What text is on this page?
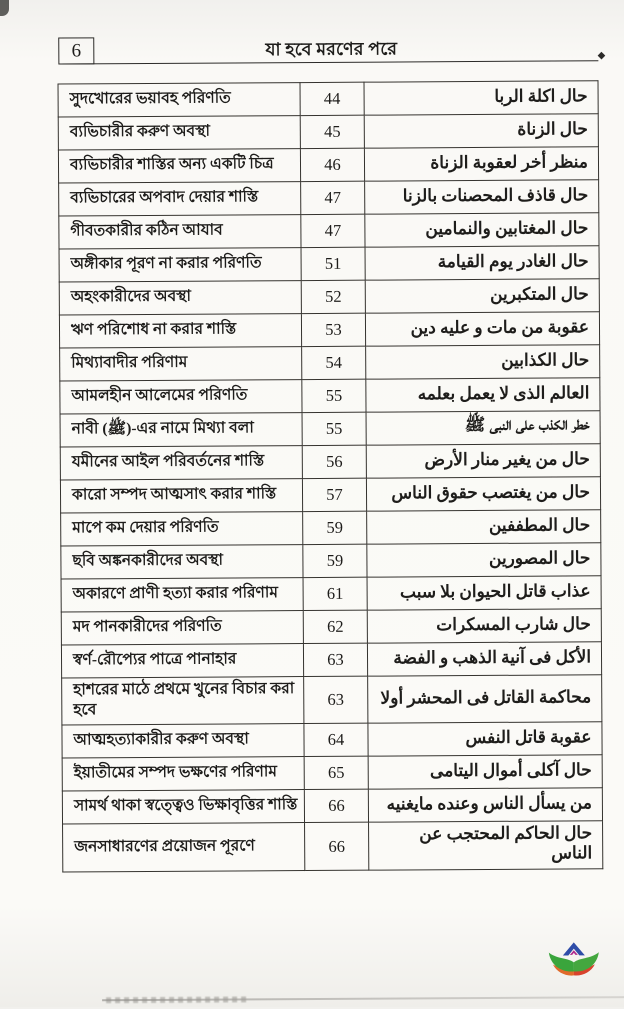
6	যা হবে মরণের পরে	◆
সুদখোরের ভয়াবহ পরিণতি	44	حال اكلة الربا
ব্যভিচারীর করুণ অবস্থা	45	حال الزناة
ব্যভিচারীর শাস্তির অন্য একটি চিত্র	46	منظر أخر لعقوبة الزناة
ব্যভিচারের অপবাদ দেয়ার শাস্তি	47	حال قاذف المحصنات بالزنا
গীবতকারীর কঠিন আযাব	47	حال المغتابين والنمامين
অঙ্গীকার পূরণ না করার পরিণতি	51	حال الغادر يوم القيامة
অহংকারীদের অবস্থা	52	حال المتكبرين
ঋণ পরিশোধ না করার শাস্তি	53	عقوبة من مات و عليه دين
মিথ্যাবাদীর পরিণাম	54	حال الكذابين
আমলহীন আলেমের পরিণতি	55	العالم الذى لا يعمل بعلمه
নাবী (ﷺ)-এর নামে মিথ্যা বলা	55	خطر الكذب على النبى ﷺ
যমীনের আইল পরিবর্তনের শাস্তি	56	حال من يغير منار الأرض
কারো সম্পদ আত্মসাৎ করার শাস্তি	57	حال من يغتصب حقوق الناس
মাপে কম দেয়ার পরিণতি	59	حال المطففين
ছবি অঙ্কনকারীদের অবস্থা	59	حال المصورين
অকারণে প্রাণী হত্যা করার পরিণাম	61	عذاب قاتل الحيوان بلا سبب
মদ পানকারীদের পরিণতি	62	حال شارب المسكرات
স্বর্ণ-রৌপ্যের পাত্রে পানাহার	63	الأكل فى آنية الذهب و الفضة
হাশরের মাঠে প্রথমে খুনের বিচার করা হবে	63	محاكمة القاتل فى المحشر أولا
আত্মহত্যাকারীর করুণ অবস্থা	64	عقوبة قاتل النفس
ইয়াতীমের সম্পদ ভক্ষণের পরিণাম	65	حال آكلى أموال اليتامى
সামর্থ থাকা স্বত্ত্বেও ভিক্ষাবৃত্তির শাস্তি	66	من يسأل الناس وعنده مايغنيه
জনসাধারণের প্রয়োজন পূরণে	66	حال الحاكم المحتجب عن الناس
